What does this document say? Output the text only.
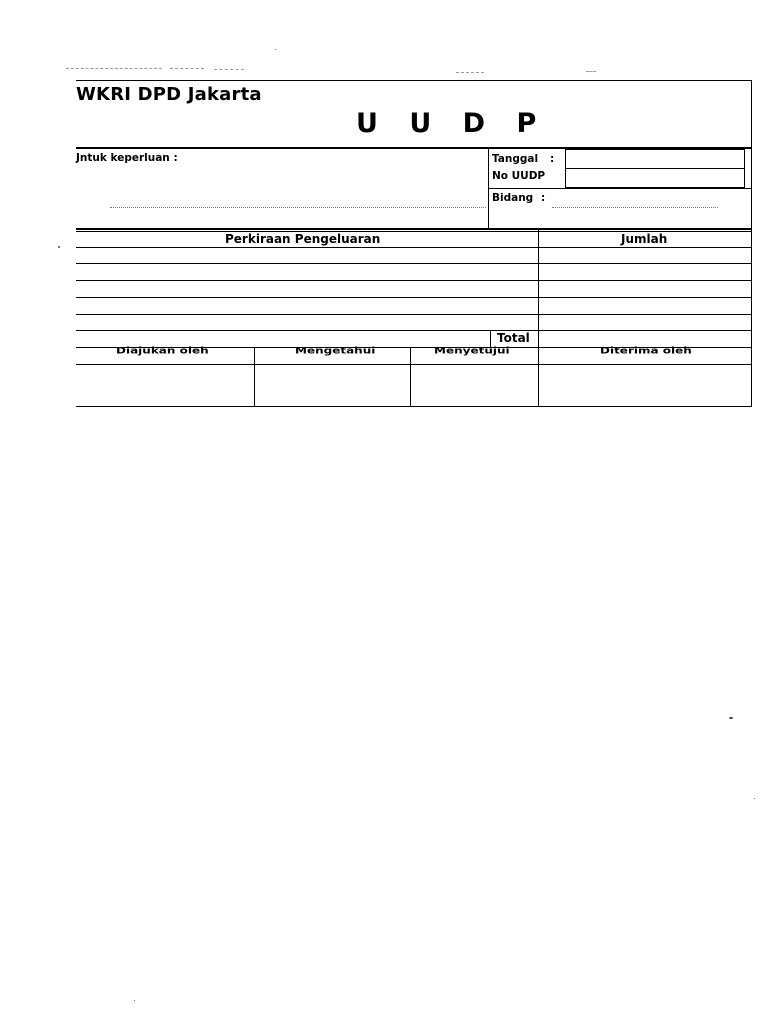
WKRI DPD Jakarta
U U D P
Jntuk keperluan :	Tanggal :
No UUDP
Bidang :
Perkiraan Pengeluaran	Jumlah
Total
Diajukan oleh	Mengetahui	Menyetujui	Diterima oleh
